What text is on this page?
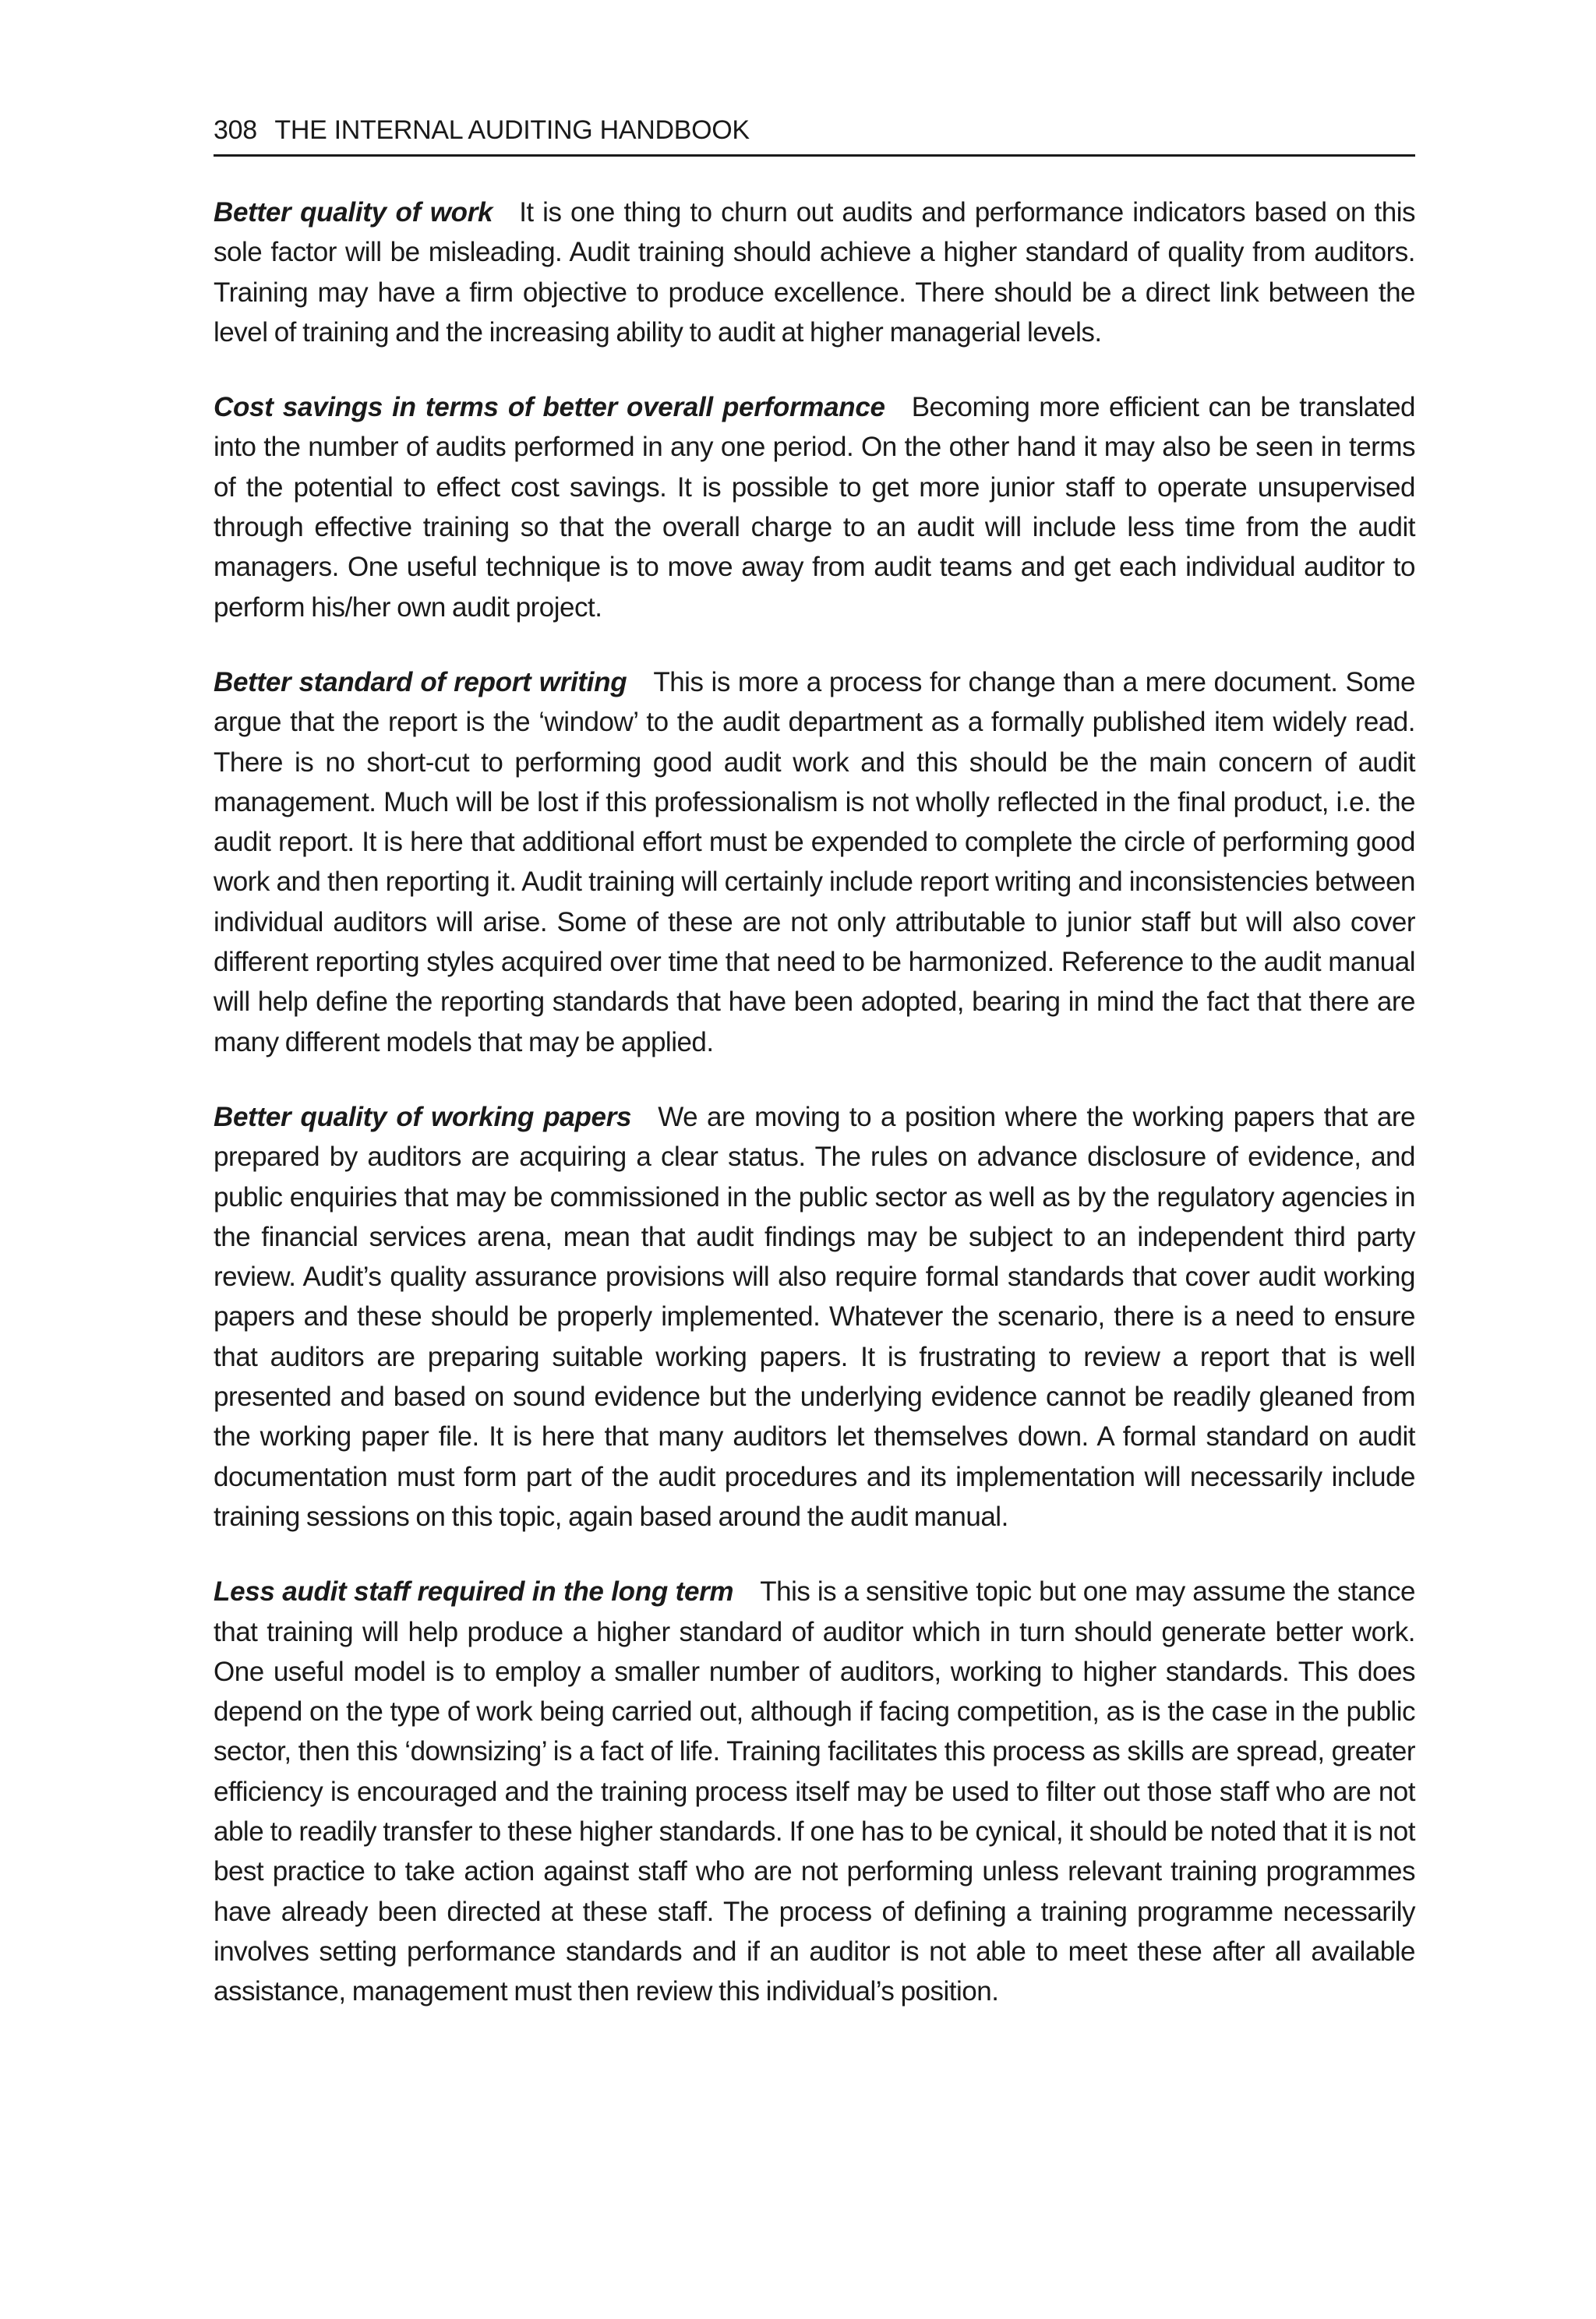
308 THE INTERNAL AUDITING HANDBOOK

Better quality of work It is one thing to churn out audits and performance indicators based on this sole factor will be misleading. Audit training should achieve a higher standard of quality from auditors. Training may have a firm objective to produce excellence. There should be a direct link between the level of training and the increasing ability to audit at higher managerial levels.

Cost savings in terms of better overall performance Becoming more efficient can be translated into the number of audits performed in any one period. On the other hand it may also be seen in terms of the potential to effect cost savings. It is possible to get more junior staff to operate unsupervised through effective training so that the overall charge to an audit will include less time from the audit managers. One useful technique is to move away from audit teams and get each individual auditor to perform his/her own audit project.

Better standard of report writing This is more a process for change than a mere document. Some argue that the report is the ‘window’ to the audit department as a formally published item widely read. There is no short-cut to performing good audit work and this should be the main concern of audit management. Much will be lost if this professionalism is not wholly reflected in the final product, i.e. the audit report. It is here that additional effort must be expended to complete the circle of performing good work and then reporting it. Audit training will certainly include report writing and inconsistencies between individual auditors will arise. Some of these are not only attributable to junior staff but will also cover different reporting styles acquired over time that need to be harmonized. Reference to the audit manual will help define the reporting standards that have been adopted, bearing in mind the fact that there are many different models that may be applied.

Better quality of working papers We are moving to a position where the working papers that are prepared by auditors are acquiring a clear status. The rules on advance disclosure of evidence, and public enquiries that may be commissioned in the public sector as well as by the regulatory agencies in the financial services arena, mean that audit findings may be subject to an independent third party review. Audit’s quality assurance provisions will also require formal standards that cover audit working papers and these should be properly implemented. Whatever the scenario, there is a need to ensure that auditors are preparing suitable working papers. It is frustrating to review a report that is well presented and based on sound evidence but the underlying evidence cannot be readily gleaned from the working paper file. It is here that many auditors let themselves down. A formal standard on audit documentation must form part of the audit procedures and its implementation will necessarily include training sessions on this topic, again based around the audit manual.

Less audit staff required in the long term This is a sensitive topic but one may assume the stance that training will help produce a higher standard of auditor which in turn should generate better work. One useful model is to employ a smaller number of auditors, working to higher standards. This does depend on the type of work being carried out, although if facing competition, as is the case in the public sector, then this ‘downsizing’ is a fact of life. Training facilitates this process as skills are spread, greater efficiency is encouraged and the training process itself may be used to filter out those staff who are not able to readily transfer to these higher standards. If one has to be cynical, it should be noted that it is not best practice to take action against staff who are not performing unless relevant training programmes have already been directed at these staff. The process of defining a training programme necessarily involves setting performance standards and if an auditor is not able to meet these after all available assistance, management must then review this individual’s position.
